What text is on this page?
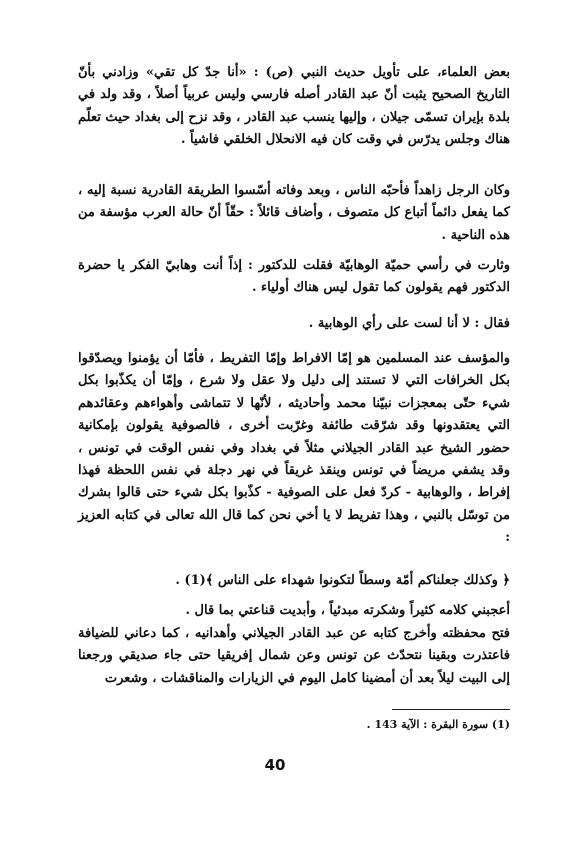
بعض العلماء، على تأويل حديث النبي (ص) : «أنا جدّ كل تقي» وزادني بأنّ التاريخ الصحيح يثبت أنّ عبد القادر أصله فارسي وليس عربياً أصلاً ، وقد ولد في بلدة بإيران تسمّى جيلان ، وإليها ينسب عبد القادر ، وقد نزح إلى بغداد حيث تعلّم هناك وجلس يدرّس في وقت كان فيه الانحلال الخلقي فاشياً .

وكان الرجل زاهداً فأحبّه الناس ، وبعد وفاته أسّسوا الطريقة القادرية نسبة إليه ، كما يفعل دائماً أتباع كل متصوف ، وأضاف قائلاً : حقّاً أنّ حالة العرب مؤسفة من هذه الناحية .

وثارت في رأسي حميّة الوهابيّة فقلت للدكتور : إذاً أنت وهابيّ الفكر يا حضرة الدكتور فهم يقولون كما تقول ليس هناك أولياء .

فقال : لا أنا لست على رأي الوهابية .

والمؤسف عند المسلمين هو إمّا الافراط وإمّا التفريط ، فأمّا أن يؤمنوا ويصدّقوا بكل الخرافات التي لا تستند إلى دليل ولا عقل ولا شرع ، وإمّا أن يكذّبوا بكل شيء حتّى بمعجزات نبيّنا محمد وأحاديثه ، لأنّها لا تتماشى وأهواءهم وعقائدهم التي يعتقدونها وقد شرّقت طائفة وغرّبت أخرى ، فالصوفية يقولون بإمكانية حضور الشيخ عبد القادر الجيلاني مثلاً في بغداد وفي نفس الوقت في تونس ، وقد يشفي مريضاً في تونس وينقذ غريقاً في نهر دجلة في نفس اللحظة فهذا إفراط ، والوهابية - كردّ فعل على الصوفية - كذّبوا بكل شيء حتى قالوا بشرك من توسّل بالنبي ، وهذا تفريط لا يا أخي نحن كما قال الله تعالى في كتابه العزيز :

﴿ وكذلك جعلناكم أمّة وسطاً لتكونوا شهداء على الناس ﴾(1) .

أعجبني كلامه كثيراً وشكرته مبدئياً ، وأبديت قناعتي بما قال .

فتح محفظته وأخرج كتابه عن عبد القادر الجيلاني وأهدانيه ، كما دعاني للضيافة فاعتذرت وبقينا نتحدّث عن تونس وعن شمال إفريقيا حتى جاء صديقي ورجعنا إلى البيت ليلاً بعد أن أمضينا كامل اليوم في الزيارات والمناقشات ، وشعرت

(1) سورة البقرة : الآية 143 .
40
